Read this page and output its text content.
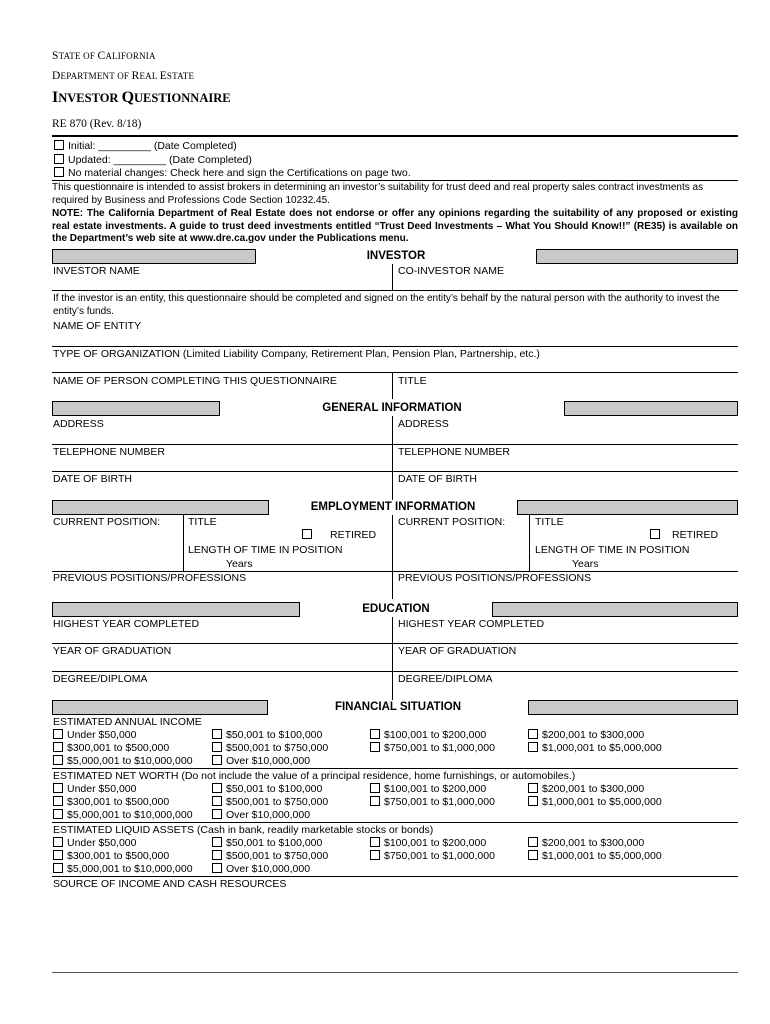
STATE OF CALIFORNIA
DEPARTMENT OF REAL ESTATE
INVESTOR QUESTIONNAIRE
RE 870 (Rev. 8/18)
Initial: _________ (Date Completed)
Updated: _________ (Date Completed)
No material changes: Check here and sign the Certifications on page two.
This questionnaire is intended to assist brokers in determining an investor’s suitability for trust deed and real property sales contract investments as required by Business and Professions Code Section 10232.45.
NOTE: The California Department of Real Estate does not endorse or offer any opinions regarding the suitability of any proposed or existing real estate investments. A guide to trust deed investments entitled “Trust Deed Investments – What You Should Know!!” (RE35) is available on the Department’s web site at www.dre.ca.gov under the Publications menu.
INVESTOR
INVESTOR NAME	CO-INVESTOR NAME
If the investor is an entity, this questionnaire should be completed and signed on the entity’s behalf by the natural person with the authority to invest the entity’s funds.
NAME OF ENTITY
TYPE OF ORGANIZATION (Limited Liability Company, Retirement Plan, Pension Plan, Partnership, etc.)
NAME OF PERSON COMPLETING THIS QUESTIONNAIRE	TITLE
GENERAL INFORMATION
ADDRESS	ADDRESS
TELEPHONE NUMBER	TELEPHONE NUMBER
DATE OF BIRTH	DATE OF BIRTH
EMPLOYMENT INFORMATION
CURRENT POSITION:	TITLE
RETIRED
LENGTH OF TIME IN POSITION
Years
CURRENT POSITION:	TITLE
RETIRED
LENGTH OF TIME IN POSITION
Years
PREVIOUS POSITIONS/PROFESSIONS	PREVIOUS POSITIONS/PROFESSIONS
EDUCATION
HIGHEST YEAR COMPLETED	HIGHEST YEAR COMPLETED
YEAR OF GRADUATION	YEAR OF GRADUATION
DEGREE/DIPLOMA	DEGREE/DIPLOMA
FINANCIAL SITUATION
ESTIMATED ANNUAL INCOME
Under $50,000	$50,001 to $100,000	$100,001 to $200,000	$200,001 to $300,000
$300,001 to $500,000	$500,001 to $750,000	$750,001 to $1,000,000	$1,000,001 to $5,000,000
$5,000,001 to $10,000,000	Over $10,000,000
ESTIMATED NET WORTH (Do not include the value of a principal residence, home furnishings, or automobiles.)
Under $50,000	$50,001 to $100,000	$100,001 to $200,000	$200,001 to $300,000
$300,001 to $500,000	$500,001 to $750,000	$750,001 to $1,000,000	$1,000,001 to $5,000,000
$5,000,001 to $10,000,000	Over $10,000,000
ESTIMATED LIQUID ASSETS (Cash in bank, readily marketable stocks or bonds)
Under $50,000	$50,001 to $100,000	$100,001 to $200,000	$200,001 to $300,000
$300,001 to $500,000	$500,001 to $750,000	$750,001 to $1,000,000	$1,000,001 to $5,000,000
$5,000,001 to $10,000,000	Over $10,000,000
SOURCE OF INCOME AND CASH RESOURCES
